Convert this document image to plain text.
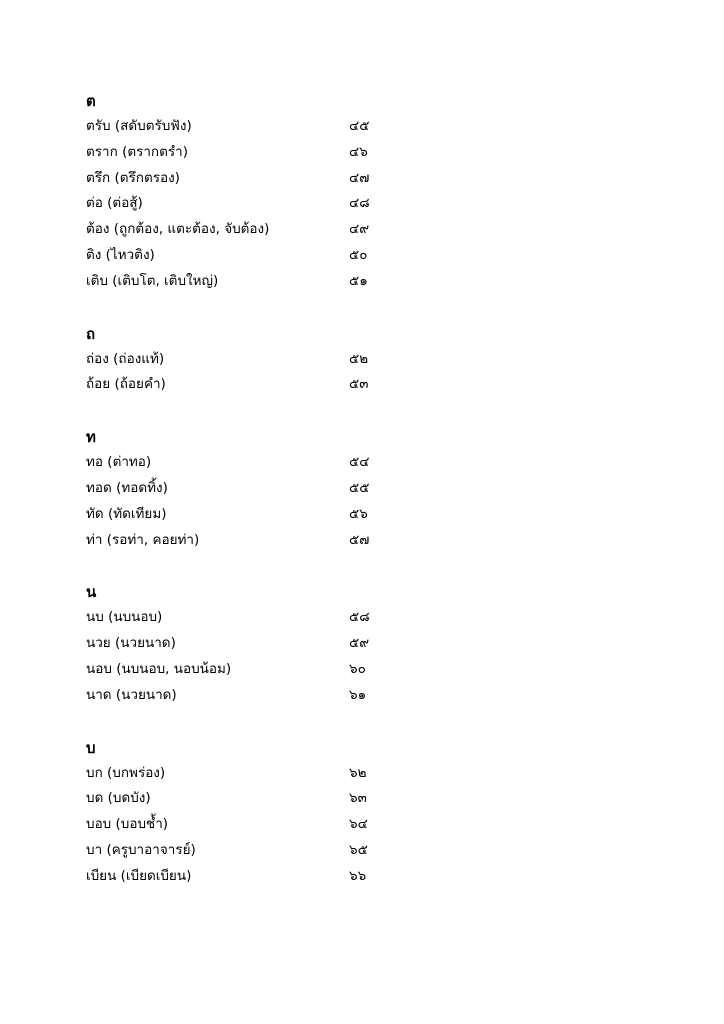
ต
ตรับ (สดับตรับฟัง)	๔๕
ตราก (ตรากตรำ)	๔๖
ตรึก (ตรึกตรอง)	๔๗
ต่อ (ต่อสู้)	๔๘
ต้อง (ถูกต้อง, แตะต้อง, จับต้อง)	๔๙
ติง (ไหวติง)	๕๐
เติบ (เติบโต, เติบใหญ่)	๕๑
ถ
ถ่อง (ถ่องแท้)	๕๒
ถ้อย (ถ้อยคำ)	๕๓
ท
ทอ (ต่าทอ)	๕๔
ทอด (ทอดทิ้ง)	๕๕
ทัด (ทัดเทียม)	๕๖
ท่า (รอท่า, คอยท่า)	๕๗
น
นบ (นบนอบ)	๕๘
นวย (นวยนาด)	๕๙
นอบ (นบนอบ, นอบน้อม)	๖๐
นาด (นวยนาด)	๖๑
บ
บก (บกพร่อง)	๖๒
บด (บดบัง)	๖๓
บอบ (บอบช้ำ)	๖๔
บา (ครูบาอาจารย์)	๖๕
เบียน (เบียดเบียน)	๖๖
